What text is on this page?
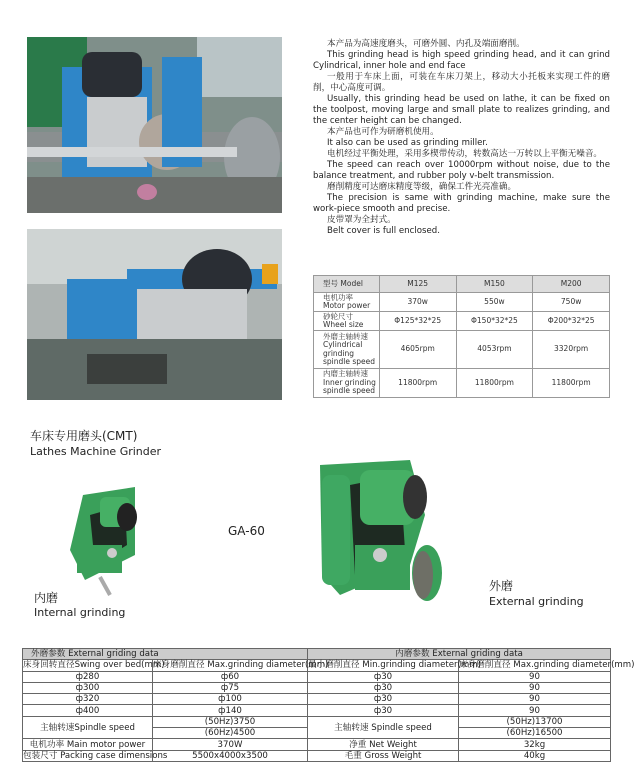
本产品为高速度磨头，可磨外圆、内孔及端面磨削。

This grinding head is high speed grinding head, and it can grind Cylindrical, inner hole and end face

一般用于车床上面，可装在车床刀架上，移动大小托板来实现工件的磨削，中心高度可调。

Usually, this grinding head be used on lathe, it can be fixed on the toolpost, moving large and small plate to realizes grinding, and the center height can be changed.

本产品也可作为研磨机使用。

It also can be used as grinding miller.

电机经过平衡处理，采用多楔带传动，转数高达一万转以上平衡无噪音。

The speed can reach over 10000rpm without noise, due to the balance treatment, and rubber poly v-belt transmission.

磨削精度可达磨床精度等级，确保工件光亮准确。

The precision is same with grinding machine, make sure the work-piece smooth and precise.

皮带罩为全封式。

Belt cover is full enclosed.

型号 Model	M125	M150	M200
电机功率
Motor power	370w	550w	750w
砂轮尺寸
Wheel size	Φ125*32*25	Φ150*32*25	Φ200*32*25
外磨主轴转速
Cylindrical grinding spindle speed	4605rpm	4053rpm	3320rpm
内磨主轴转速
Inner grinding spindle speed	11800rpm	11800rpm	11800rpm
车床专用磨头(CMT)
Lathes Machine Grinder
GA-60
内磨
Internal grinding
外磨
External grinding
外磨参数 External griding data		内磨参数 External griding data	
床身回转直径Swing over bed(mm)	床身磨削直径 Max.grinding diameter(mm)	最小磨削直径 Min.grinding diameter(mm)	床身磨削直径 Max.grinding diameter(mm)
ф280	ф60	ф30	90
ф300	ф75	ф30	90
ф320	ф100	ф30	90
ф400	ф140	ф30	90
主轴转速Spindle speed	(50Hz)3750	主轴转速 Spindle speed	(50Hz)13700
	(60Hz)4500		(60Hz)16500
电机功率 Main motor power	370W	净重 Net Weight	32kg
包装尺寸 Packing case dimensions	5500x4000x3500	毛重 Gross Weight	40kg
